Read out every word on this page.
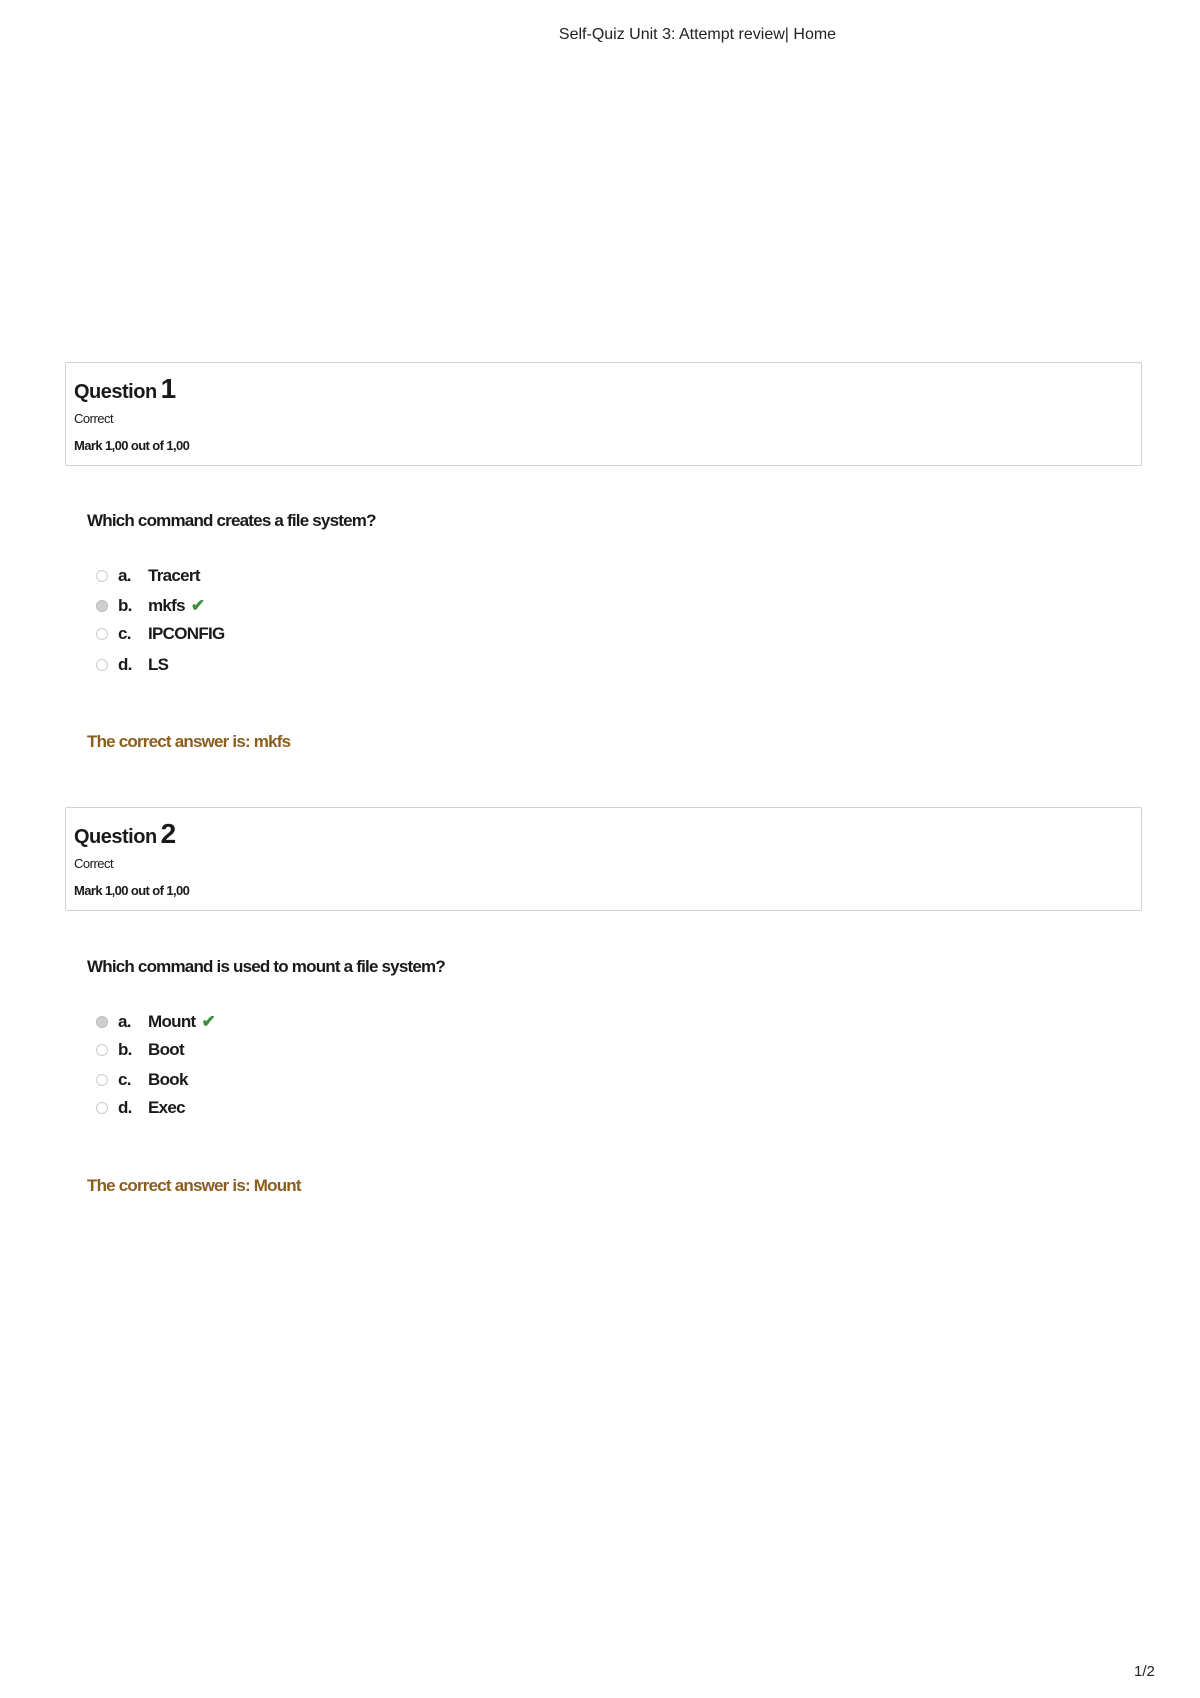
Self-Quiz Unit 3: Attempt review| Home
Question 1
Correct
Mark 1,00 out of 1,00
Which command creates a file system?
a.	Tracert
b. mkfs ✔
c.	IPCONFIG
d. LS
The correct answer is: mkfs
Question 2
Correct
Mark 1,00 out of 1,00
Which command is used to mount a file system?
a.	Mount ✔
b. Boot
c.	Book
d. Exec
The correct answer is: Mount
1/2
